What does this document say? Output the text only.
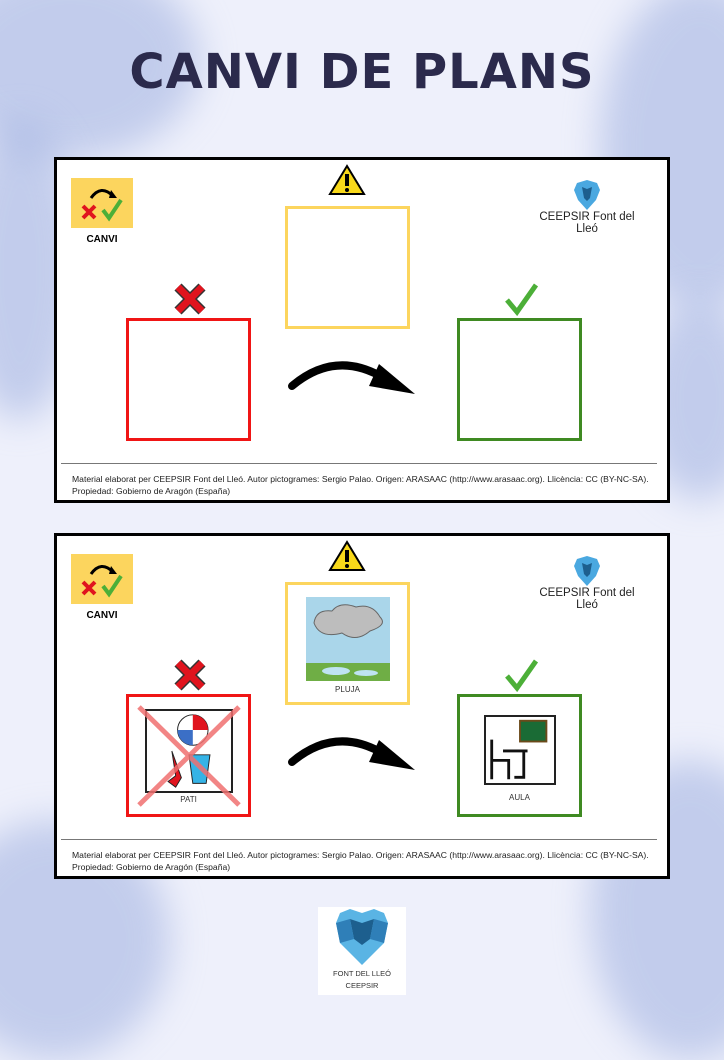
CANVI DE PLANS
CANVI
CEEPSIR Font del Lleó
Material elaborat per CEEPSIR Font del Lleó. Autor pictogrames: Sergio Palao. Origen: ARASAAC (http://www.arasaac.org). Llicència: CC (BY-NC-SA).
Propiedad: Gobierno de Aragón (España)
CANVI
CEEPSIR Font del Lleó
PLUJA
PATI	AULA
Material elaborat per CEEPSIR Font del Lleó. Autor pictogrames: Sergio Palao. Origen: ARASAAC (http://www.arasaac.org). Llicència: CC (BY-NC-SA).
Propiedad: Gobierno de Aragón (España)
FONT DEL LLEÓ
CEEPSIR
